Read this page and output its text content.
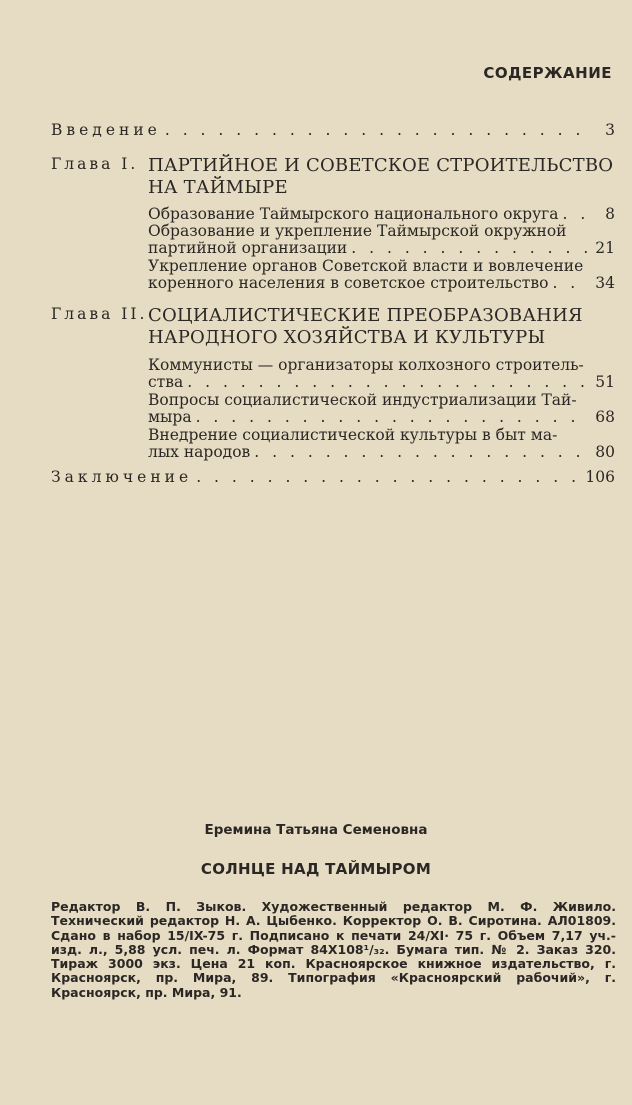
СОДЕРЖАНИЕ
Введение . . .	3
Глава I. ПАРТИЙНОЕ И СОВЕТСКОЕ СТРОИТЕЛЬСТВО
НА ТАЙМЫРЕ
Образование Таймырского национального округа . . .	8
Образование и укрепление Таймырской окружной
партийной организации . . .	21
Укрепление органов Советской власти и вовлечение
коренного населения в советское строительство . . .	34
Глава II. СОЦИАЛИСТИЧЕСКИЕ ПРЕОБРАЗОВАНИЯ
НАРОДНОГО ХОЗЯЙСТВА И КУЛЬТУРЫ
Коммунисты — организаторы колхозного строитель-
ства . . .	51
Вопросы социалистической индустриализации Тай-
мыра . . .	68
Внедрение социалистической культуры в быт ма-
лых народов . . .	80
Заключение . . .	106
Еремина Татьяна Семеновна
СОЛНЦЕ НАД ТАЙМЫРОМ
Редактор В. П. Зыков. Художественный редактор М. Ф. Живило. Технический редактор Н. А. Цыбенко. Корректор О. В. Сиротина. АЛ01809. Сдано в набор 15/IX-75 г. Подписано к печати 24/XI· 75 г. Объем 7,17 уч.-изд. л., 5,88 усл. печ. л. Формат 84Х108¹/₃₂. Бумага тип. № 2. Заказ 320. Тираж 3000 экз. Цена 21 коп. Красноярское книжное издательство, г. Красноярск, пр. Мира, 89. Типография «Красноярский рабочий», г. Красноярск, пр. Мира, 91.
